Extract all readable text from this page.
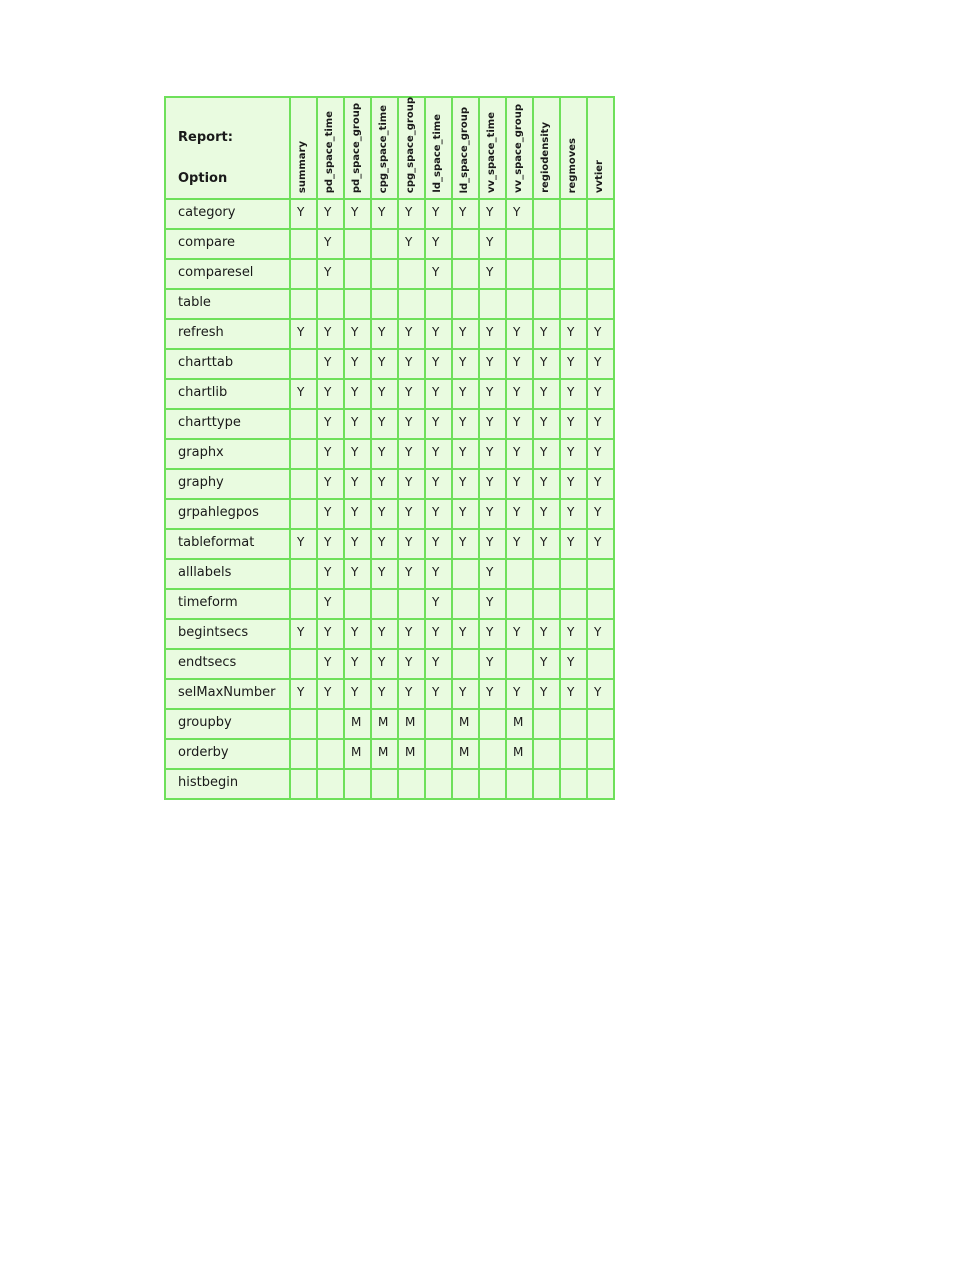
Report:
Option	summary	pd_space_time	pd_space_group	cpg_space_time	cpg_space_group	ld_space_time	ld_space_group	vv_space_time	vv_space_group	regiodensity	regmoves	vvtier

category	Y	Y	Y	Y	Y	Y	Y	Y	Y			
compare		Y			Y	Y		Y				
comparesel		Y				Y		Y				
table												
refresh	Y	Y	Y	Y	Y	Y	Y	Y	Y	Y	Y	Y
charttab		Y	Y	Y	Y	Y	Y	Y	Y	Y	Y	Y
chartlib	Y	Y	Y	Y	Y	Y	Y	Y	Y	Y	Y	Y
charttype		Y	Y	Y	Y	Y	Y	Y	Y	Y	Y	Y
graphx		Y	Y	Y	Y	Y	Y	Y	Y	Y	Y	Y
graphy		Y	Y	Y	Y	Y	Y	Y	Y	Y	Y	Y
grpahlegpos		Y	Y	Y	Y	Y	Y	Y	Y	Y	Y	Y
tableformat	Y	Y	Y	Y	Y	Y	Y	Y	Y	Y	Y	Y
alllabels		Y	Y	Y	Y	Y		Y				
timeform		Y				Y		Y				
begintsecs	Y	Y	Y	Y	Y	Y	Y	Y	Y	Y	Y	Y
endtsecs		Y	Y	Y	Y	Y		Y		Y	Y	
selMaxNumber	Y	Y	Y	Y	Y	Y	Y	Y	Y	Y	Y	Y
groupby			M	M	M		M		M			
orderby			M	M	M		M		M			
histbegin												
